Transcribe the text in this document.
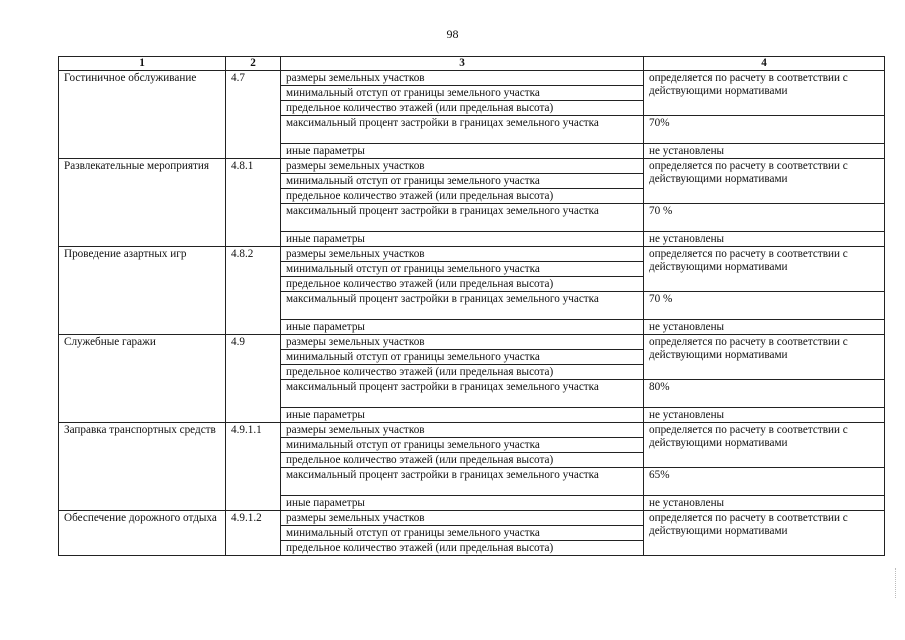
98
1	2	3	4
Гостиничное обслуживание	4.7	размеры земельных участков	определяется по расчету в соответствии с действующими нормативами
		минимальный отступ от границы земельного участка	
		предельное количество этажей (или предельная высота)	
		максимальный процент застройки в границах земельного участка	70%
		иные параметры	не установлены
Развлекательные мероприятия	4.8.1	размеры земельных участков	определяется по расчету в соответствии с действующими нормативами
		минимальный отступ от границы земельного участка	
		предельное количество этажей (или предельная высота)	
		максимальный процент застройки в границах земельного участка	70 %
		иные параметры	не установлены
Проведение азартных игр	4.8.2	размеры земельных участков	определяется по расчету в соответствии с действующими нормативами
		минимальный отступ от границы земельного участка	
		предельное количество этажей (или предельная высота)	
		максимальный процент застройки в границах земельного участка	70 %
		иные параметры	не установлены
Служебные гаражи	4.9	размеры земельных участков	определяется по расчету в соответствии с действующими нормативами
		минимальный отступ от границы земельного участка	
		предельное количество этажей (или предельная высота)	
		максимальный процент застройки в границах земельного участка	80%
		иные параметры	не установлены
Заправка транспортных средств	4.9.1.1	размеры земельных участков	определяется по расчету в соответствии с действующими нормативами
		минимальный отступ от границы земельного участка	
		предельное количество этажей (или предельная высота)	
		максимальный процент застройки в границах земельного участка	65%
		иные параметры	не установлены
Обеспечение дорожного отдыха	4.9.1.2	размеры земельных участков	определяется по расчету в соответствии с действующими нормативами
		минимальный отступ от границы земельного участка	
		предельное количество этажей (или предельная высота)	
